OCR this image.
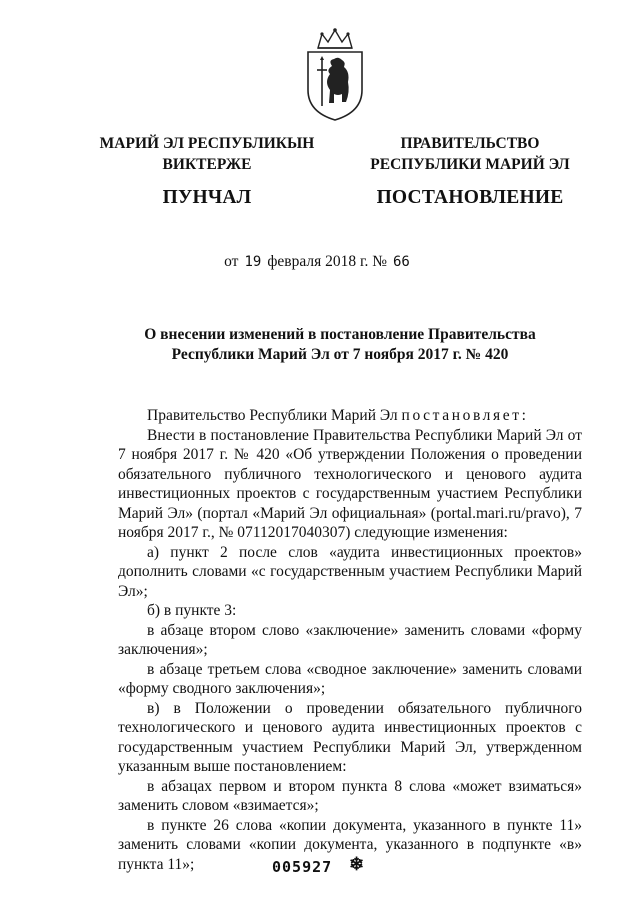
МАРИЙ ЭЛ РЕСПУБЛИКЫН
ВИКТЕРЖЕ
ПУНЧАЛ
ПРАВИТЕЛЬСТВО
РЕСПУБЛИКИ МАРИЙ ЭЛ
ПОСТАНОВЛЕНИЕ
от 19 февраля 2018 г. № 66
О внесении изменений в постановление Правительства
Республики Марий Эл от 7 ноября 2017 г. № 420

Правительство Республики Марий Эл постановляет:

Внести в постановление Правительства Республики Марий Эл от 7 ноября 2017 г. № 420 «Об утверждении Положения о проведении обязательного публичного технологического и ценового аудита инвестиционных проектов с государственным участием Республики Марий Эл» (портал «Марий Эл официальная» (portal.mari.ru/pravo), 7 ноября 2017 г., № 07112017040307) следующие изменения:

а) пункт 2 после слов «аудита инвестиционных проектов» дополнить словами «с государственным участием Республики Марий Эл»;

б) в пункте 3:

в абзаце втором слово «заключение» заменить словами «форму заключения»;

в абзаце третьем слова «сводное заключение» заменить словами «форму сводного заключения»;

в) в Положении о проведении обязательного публичного технологического и ценового аудита инвестиционных проектов с государственным участием Республики Марий Эл, утвержденном указанным выше постановлением:

в абзацах первом и втором пункта 8 слова «может взиматься» заменить словом «взимается»;

в пункте 26 слова «копии документа, указанного в пункте 11» заменить словами «копии документа, указанного в подпункте «в» пункта 11»;	005927 ❄
